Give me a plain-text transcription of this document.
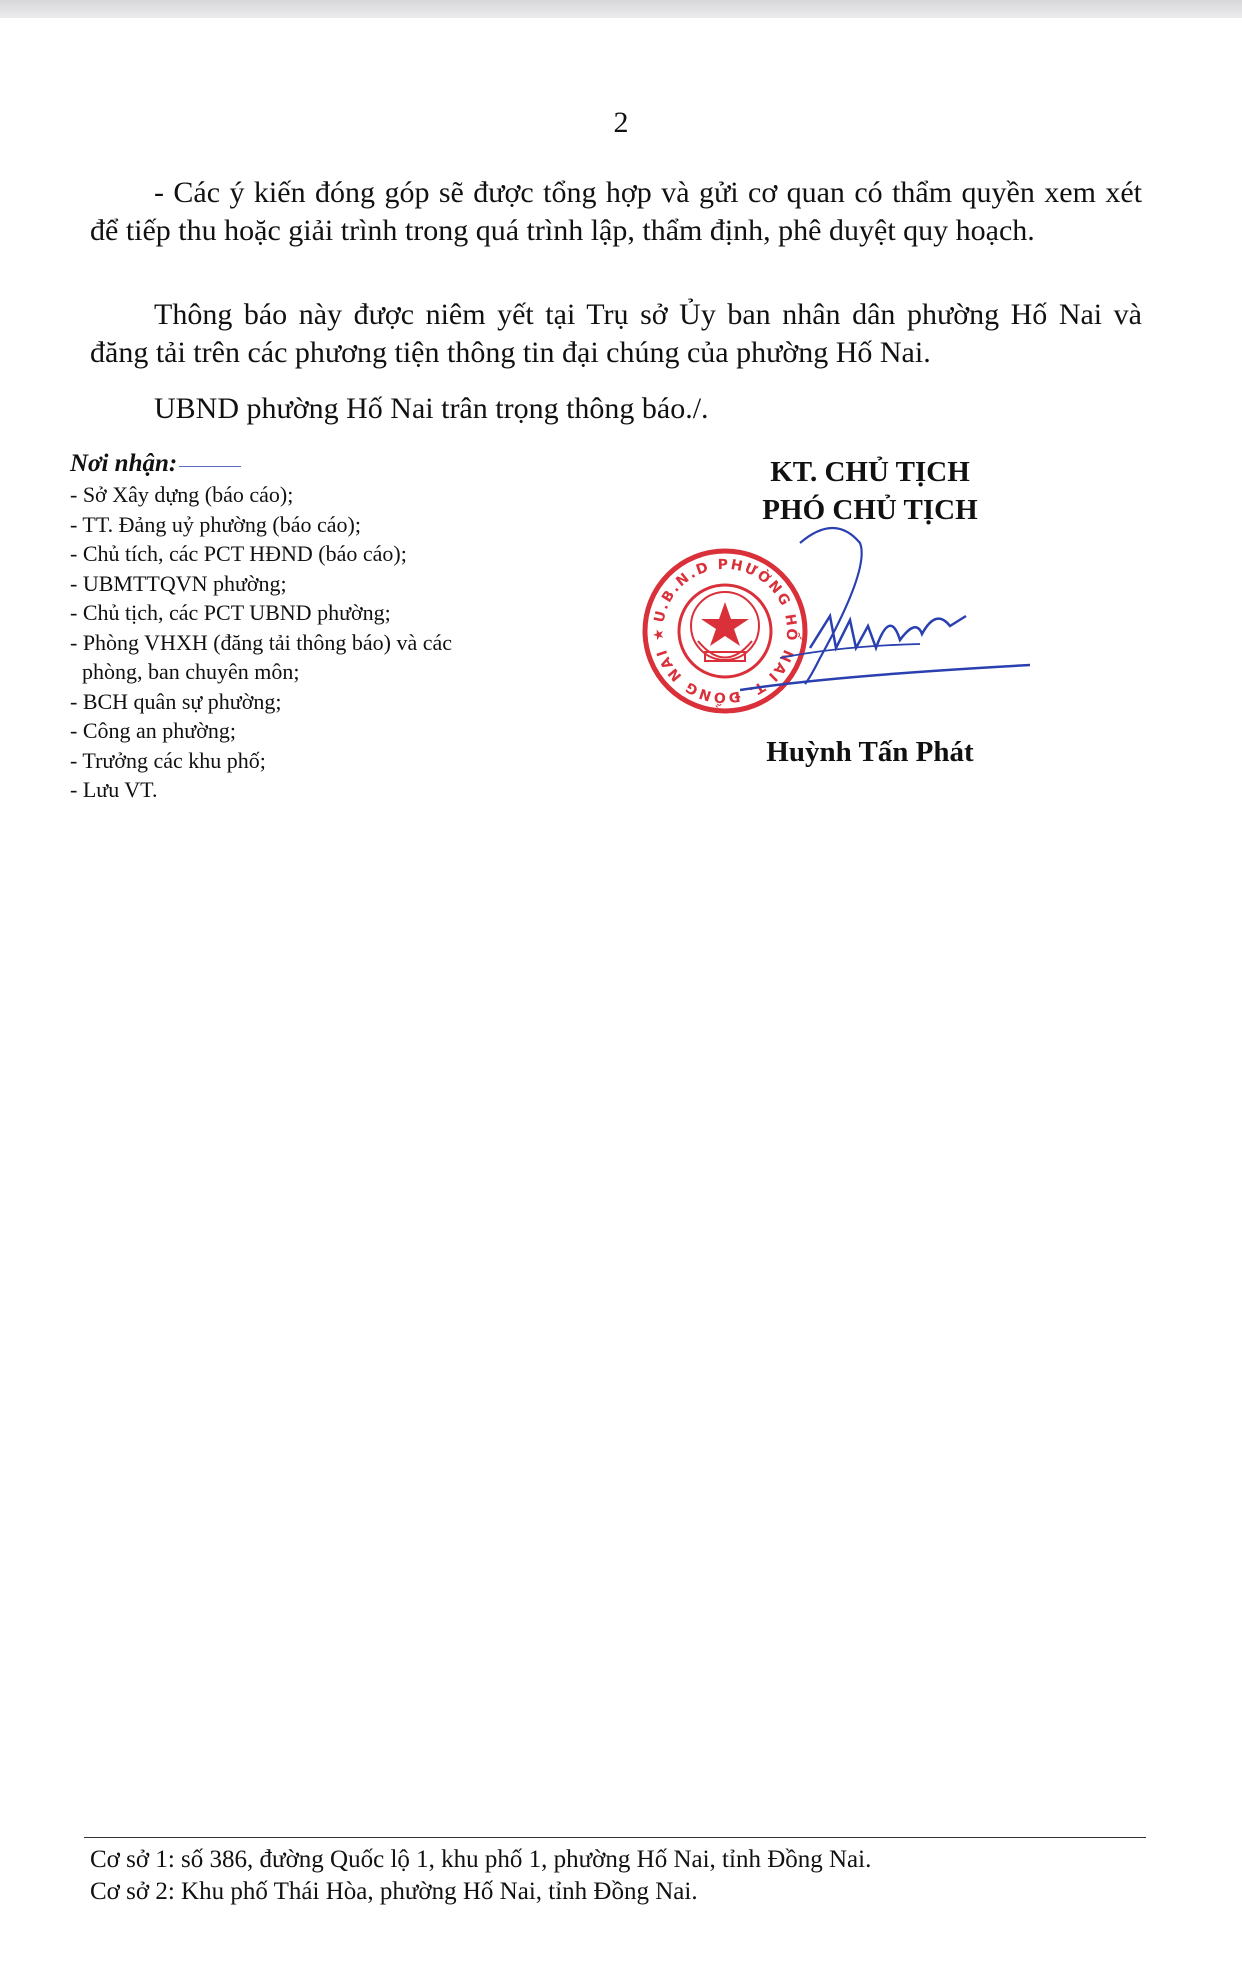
2
- Các ý kiến đóng góp sẽ được tổng hợp và gửi cơ quan có thẩm quyền xem xét để tiếp thu hoặc giải trình trong quá trình lập, thẩm định, phê duyệt quy hoạch.
Thông báo này được niêm yết tại Trụ sở Ủy ban nhân dân phường Hố Nai và đăng tải trên các phương tiện thông tin đại chúng của phường Hố Nai.
UBND phường Hố Nai trân trọng thông báo./.
Nơi nhận:
- Sở Xây dựng (báo cáo);
- TT. Đảng uỷ phường (báo cáo);
- Chủ tích, các PCT HĐND (báo cáo);
- UBMTTQVN phường;
- Chủ tịch, các PCT UBND phường;
- Phòng VHXH (đăng tải thông báo) và các
phòng, ban chuyên môn;
- BCH quân sự phường;
- Công an phường;
- Trưởng các khu phố;
- Lưu VT.
KT. CHỦ TỊCH
PHÓ CHỦ TỊCH
U.B.N.D PHƯỜNG HỐ NAI T. ĐỒNG NAI ★
Huỳnh Tấn Phát
Cơ sở 1: số 386, đường Quốc lộ 1, khu phố 1, phường Hố Nai, tỉnh Đồng Nai.
Cơ sở 2: Khu phố Thái Hòa, phường Hố Nai, tỉnh Đồng Nai.
